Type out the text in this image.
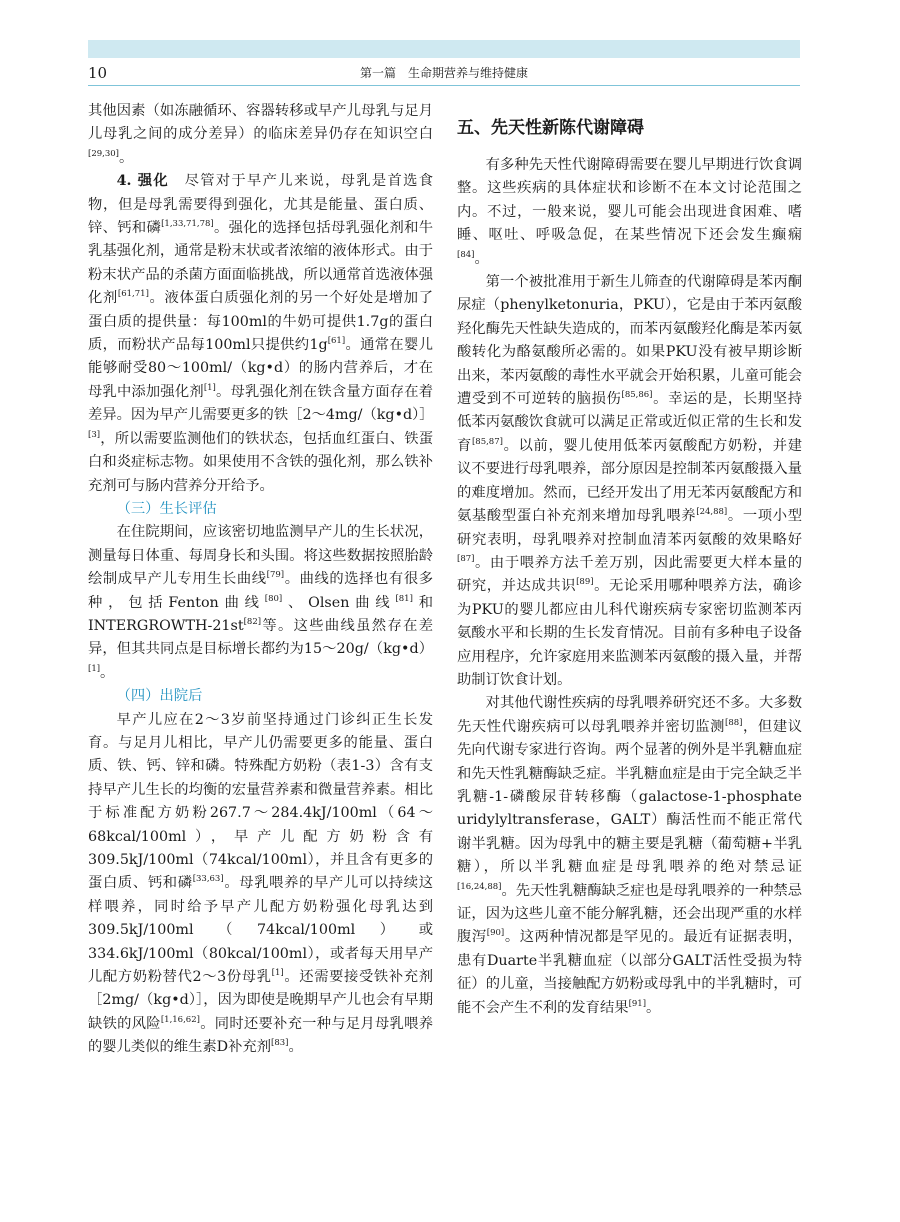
10	第一篇　生命期营养与维持健康

其他因素（如冻融循环、容器转移或早产儿母乳与足月儿母乳之间的成分差异）的临床差异仍存在知识空白[29,30]。

4. 强化　尽管对于早产儿来说，母乳是首选食物，但是母乳需要得到强化，尤其是能量、蛋白质、锌、钙和磷[1,33,71,78]。强化的选择包括母乳强化剂和牛乳基强化剂，通常是粉末状或者浓缩的液体形式。由于粉末状产品的杀菌方面面临挑战，所以通常首选液体强化剂[61,71]。液体蛋白质强化剂的另一个好处是增加了蛋白质的提供量：每100ml的牛奶可提供1.7g的蛋白质，而粉状产品每100ml只提供约1g[61]。通常在婴儿能够耐受80～100ml/（kg•d）的肠内营养后，才在母乳中添加强化剂[1]。母乳强化剂在铁含量方面存在着差异。因为早产儿需要更多的铁［2～4mg/（kg•d）］[3]，所以需要监测他们的铁状态，包括血红蛋白、铁蛋白和炎症标志物。如果使用不含铁的强化剂，那么铁补充剂可与肠内营养分开给予。

（三）生长评估

在住院期间，应该密切地监测早产儿的生长状况，测量每日体重、每周身长和头围。将这些数据按照胎龄绘制成早产儿专用生长曲线[79]。曲线的选择也有很多种，包括Fenton曲线[80]、Olsen曲线[81]和INTERGROWTH-21st[82]等。这些曲线虽然存在差异，但其共同点是目标增长都约为15～20g/（kg•d）[1]。

（四）出院后

早产儿应在2～3岁前坚持通过门诊纠正生长发育。与足月儿相比，早产儿仍需要更多的能量、蛋白质、铁、钙、锌和磷。特殊配方奶粉（表1-3）含有支持早产儿生长的均衡的宏量营养素和微量营养素。相比于标准配方奶粉267.7～284.4kJ/100ml（64～68kcal/100ml），早产儿配方奶粉含有309.5kJ/100ml（74kcal/100ml），并且含有更多的蛋白质、钙和磷[33,63]。母乳喂养的早产儿可以持续这样喂养，同时给予早产儿配方奶粉强化母乳达到309.5kJ/100ml（74kcal/100ml）或334.6kJ/100ml（80kcal/100ml），或者每天用早产儿配方奶粉替代2～3份母乳[1]。还需要接受铁补充剂［2mg/（kg•d）］，因为即使是晚期早产儿也会有早期缺铁的风险[1,16,62]。同时还要补充一种与足月母乳喂养的婴儿类似的维生素D补充剂[83]。

五、先天性新陈代谢障碍

有多种先天性代谢障碍需要在婴儿早期进行饮食调整。这些疾病的具体症状和诊断不在本文讨论范围之内。不过，一般来说，婴儿可能会出现进食困难、嗜睡、呕吐、呼吸急促，在某些情况下还会发生癫痫[84]。

第一个被批准用于新生儿筛查的代谢障碍是苯丙酮尿症（phenylketonuria，PKU），它是由于苯丙氨酸羟化酶先天性缺失造成的，而苯丙氨酸羟化酶是苯丙氨酸转化为酪氨酸所必需的。如果PKU没有被早期诊断出来，苯丙氨酸的毒性水平就会开始积累，儿童可能会遭受到不可逆转的脑损伤[85,86]。幸运的是，长期坚持低苯丙氨酸饮食就可以满足正常或近似正常的生长和发育[85,87]。以前，婴儿使用低苯丙氨酸配方奶粉，并建议不要进行母乳喂养，部分原因是控制苯丙氨酸摄入量的难度增加。然而，已经开发出了用无苯丙氨酸配方和氨基酸型蛋白补充剂来增加母乳喂养[24,88]。一项小型研究表明，母乳喂养对控制血清苯丙氨酸的效果略好[87]。由于喂养方法千差万别，因此需要更大样本量的研究，并达成共识[89]。无论采用哪种喂养方法，确诊为PKU的婴儿都应由儿科代谢疾病专家密切监测苯丙氨酸水平和长期的生长发育情况。目前有多种电子设备应用程序，允许家庭用来监测苯丙氨酸的摄入量，并帮助制订饮食计划。

对其他代谢性疾病的母乳喂养研究还不多。大多数先天性代谢疾病可以母乳喂养并密切监测[88]，但建议先向代谢专家进行咨询。两个显著的例外是半乳糖血症和先天性乳糖酶缺乏症。半乳糖血症是由于完全缺乏半乳糖-1-磷酸尿苷转移酶（galactose-1-phosphate uridylyltransferase，GALT）酶活性而不能正常代谢半乳糖。因为母乳中的糖主要是乳糖（葡萄糖+半乳糖），所以半乳糖血症是母乳喂养的绝对禁忌证[16,24,88]。先天性乳糖酶缺乏症也是母乳喂养的一种禁忌证，因为这些儿童不能分解乳糖，还会出现严重的水样腹泻[90]。这两种情况都是罕见的。最近有证据表明，患有Duarte半乳糖血症（以部分GALT活性受损为特征）的儿童，当接触配方奶粉或母乳中的半乳糖时，可能不会产生不利的发育结果[91]。
